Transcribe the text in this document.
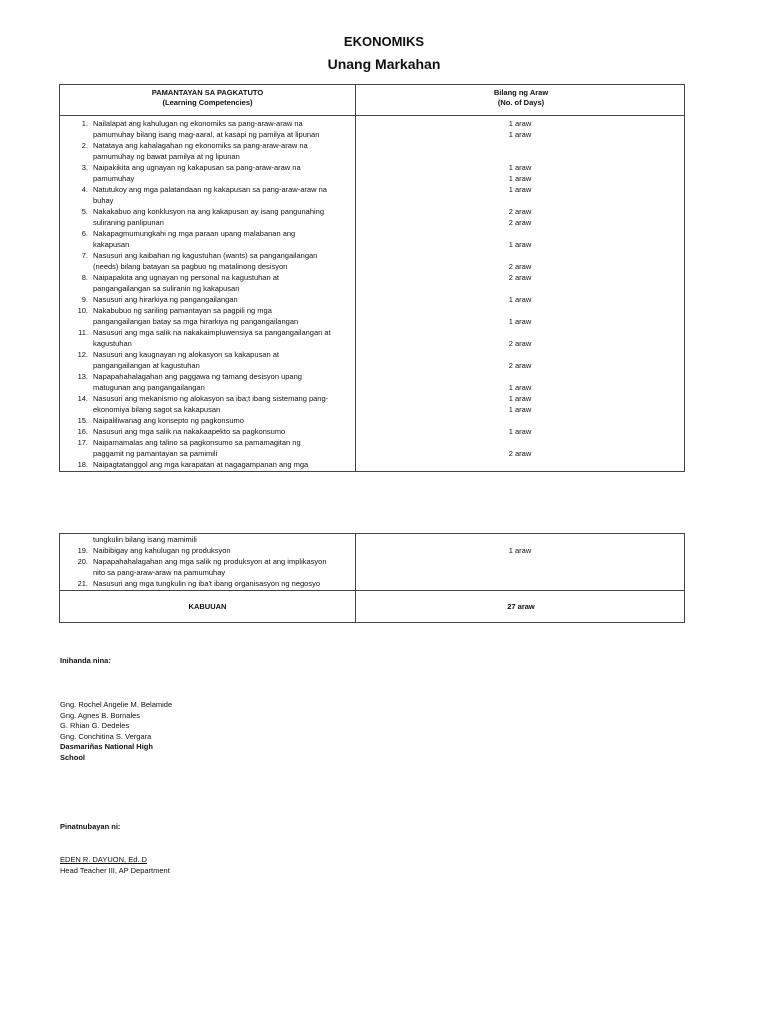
EKONOMIKS
Unang Markahan
PAMANTAYAN SA PAGKATUTO
(Learning Competencies)
Bilang ng Araw
(No. of Days)
1. Nailalapat ang kahulugan ng ekonomiks sa pang-araw-araw na
pamumuhay bilang isang mag-aaral, at kasapi ng pamilya at lipunan
2. Natataya ang kahalagahan ng ekonomiks sa pang-araw-araw na
pamumuhay ng bawat pamilya at ng lipunan
3. Naipakikita ang ugnayan ng kakapusan sa pang-araw-araw na
pamumuhay
4. Natutukoy ang mga palatandaan ng kakapusan sa pang-araw-araw na
buhay
5. Nakakabuo ang konklusyon na ang kakapusan ay isang pangunahing
suliraning panlipunan
6. Nakapagmumungkahi ng mga paraan upang malabanan ang
kakapusan
7. Nasusuri ang kaibahan ng kagustuhan (wants) sa pangangailangan
(needs) bilang batayan sa pagbuo ng matalinong desisyon
8. Naipapakita ang ugnayan ng personal na kagustuhan at
pangangailangan sa suliranin ng kakapusan
9. Nasusuri ang hirarkiya ng pangangailangan
10. Nakabubuo ng sariling pamantayan sa pagpili ng mga
pangangailangan batay sa mga hirarkiya ng pangangailangan
11. Nasusuri ang mga salik na nakakaimpluwensiya sa pangangailangan at
kagustuhan
12. Nasusuri ang kaugnayan ng alokasyon sa kakapusan at
pangangailangan at kagustuhan
13. Napapahahalagahan ang paggawa ng tamang desisyon upang
matugunan ang pangangailangan
14. Nasusuri ang mekanismo ng alokasyon sa iba;t ibang sistemang pang-
ekonomiya bilang sagot sa kakapusan
15. Naipaliliwanag ang konsepto ng pagkonsumo
16. Nasusuri ang mga salik na nakakaapekto sa pagkonsumo
17. Naipamamalas ang talino sa pagkonsumo sa pamamagitan ng
paggamit ng pamantayan sa pamimili
18. Naipagtatanggol ang mga karapatan at nagagampanan ang mga
1 araw
1 araw
1 araw
1 araw
1 araw
2 araw
2 araw
1 araw
2 araw
2 araw
1 araw
1 araw
2 araw
2 araw
1 araw
1 araw
1 araw
1 araw
2 araw
KABUUAN	27 araw
tungkulin bilang isang mamimili
19. Naibibigay ang kahulugan ng produksyon
20. Napapahahalagahan ang mga salik ng produksyon at ang implikasyon
nito sa pang-araw-araw na pamumuhay
21. Nasusuri ang mga tungkulin ng iba't ibang organisasyon ng negosyo
1 araw
Inihanda nina:
Gng. Rochel Angelie M. Belamide
Gng. Agnes B. Bornales
G. Rhian G. Dedeles
Gng. Conchitina S. Vergara
Dasmariñas National High
School
Pinatnubayan ni:
EDEN R. DAYUON, Ed. D
Head Teacher III, AP Department
